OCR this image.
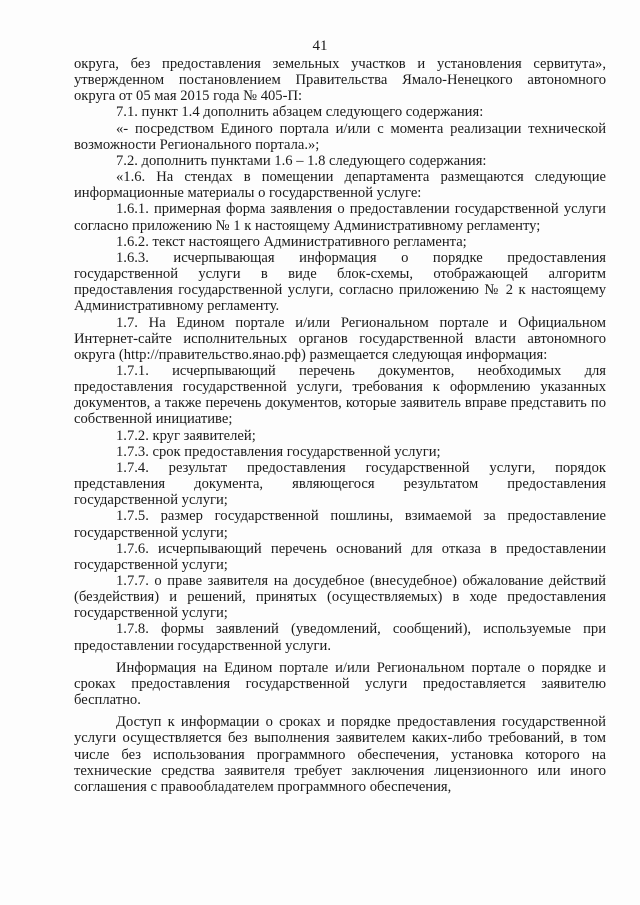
41

округа, без предоставления земельных участков и установления сервитута», утвержденном постановлением Правительства Ямало-Ненецкого автономного округа от 05 мая 2015 года № 405-П:

7.1. пункт 1.4 дополнить абзацем следующего содержания:

«- посредством Единого портала и/или с момента реализации технической возможности Регионального портала.»;

7.2. дополнить пунктами 1.6 – 1.8 следующего содержания:

«1.6. На стендах в помещении департамента размещаются следующие информационные материалы о государственной услуге:

1.6.1. примерная форма заявления о предоставлении государственной услуги согласно приложению № 1 к настоящему Административному регламенту;

1.6.2. текст настоящего Административного регламента;

1.6.3. исчерпывающая информация о порядке предоставления государственной услуги в виде блок-схемы, отображающей алгоритм предоставления государственной услуги, согласно приложению № 2 к настоящему Административному регламенту.

1.7. На Едином портале и/или Региональном портале и Официальном Интернет-сайте исполнительных органов государственной власти автономного округа (http://правительство.янао.рф) размещается следующая информация:

1.7.1. исчерпывающий перечень документов, необходимых для предоставления государственной услуги, требования к оформлению указанных документов, а также перечень документов, которые заявитель вправе представить по собственной инициативе;

1.7.2. круг заявителей;

1.7.3. срок предоставления государственной услуги;

1.7.4. результат предоставления государственной услуги, порядок представления документа, являющегося результатом предоставления государственной услуги;

1.7.5. размер государственной пошлины, взимаемой за предоставление государственной услуги;

1.7.6. исчерпывающий перечень оснований для отказа в предоставлении государственной услуги;

1.7.7. о праве заявителя на досудебное (внесудебное) обжалование действий (бездействия) и решений, принятых (осуществляемых) в ходе предоставления государственной услуги;

1.7.8. формы заявлений (уведомлений, сообщений), используемые при предоставлении государственной услуги.

Информация на Едином портале и/или Региональном портале о порядке и сроках предоставления государственной услуги предоставляется заявителю бесплатно.

Доступ к информации о сроках и порядке предоставления государственной услуги осуществляется без выполнения заявителем каких-либо требований, в том числе без использования программного обеспечения, установка которого на технические средства заявителя требует заключения лицензионного или иного соглашения с правообладателем программного обеспечения,
